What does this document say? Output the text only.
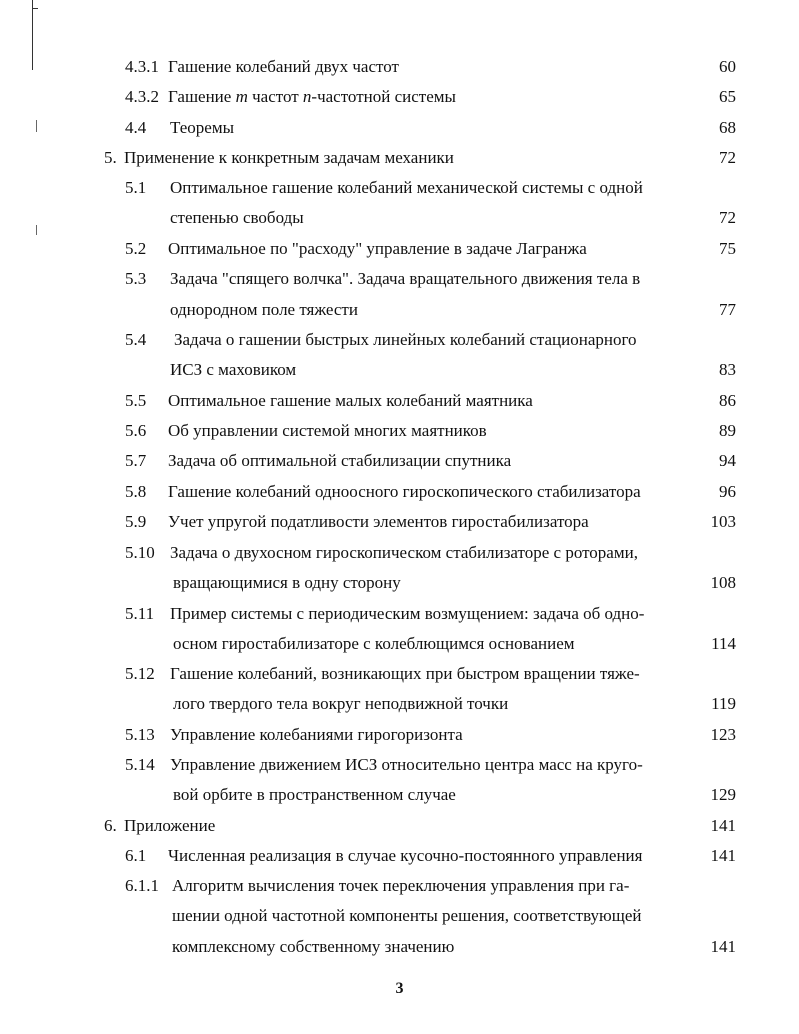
4.3.1 Гашение колебаний двух частот	60
4.3.2 Гашение m частот n-частотной системы	65
4.4 Теоремы	68
5. Применение к конкретным задачам механики	72
5.1 Оптимальное гашение колебаний механической системы с одной
степенью свободы	72
5.2 Оптимальное по "расходу" управление в задаче Лагранжа	75
5.3 Задача "спящего волчка". Задача вращательного движения тела в
однородном поле тяжести	77
5.4 Задача о гашении быстрых линейных колебаний стационарного
ИСЗ с маховиком	83
5.5 Оптимальное гашение малых колебаний маятника	86
5.6 Об управлении системой многих маятников	89
5.7 Задача об оптимальной стабилизации спутника	94
5.8 Гашение колебаний одноосного гироскопического стабилизатора	96
5.9 Учет упругой податливости элементов гиростабилизатора	103
5.10 Задача о двухосном гироскопическом стабилизаторе с роторами,
вращающимися в одну сторону	108
5.11 Пример системы с периодическим возмущением: задача об одно-
осном гиростабилизаторе с колеблющимся основанием	114
5.12 Гашение колебаний, возникающих при быстром вращении тяже-
лого твердого тела вокруг неподвижной точки	119
5.13 Управление колебаниями гирогоризонта	123
5.14 Управление движением ИСЗ относительно центра масс на круго-
вой орбите в пространственном случае	129
6. Приложение	141
6.1 Численная реализация в случае кусочно-постоянного управления	141
6.1.1 Алгоритм вычисления точек переключения управления при га-
шении одной частотной компоненты решения, соответствующей
комплексному собственному значению	141
3
